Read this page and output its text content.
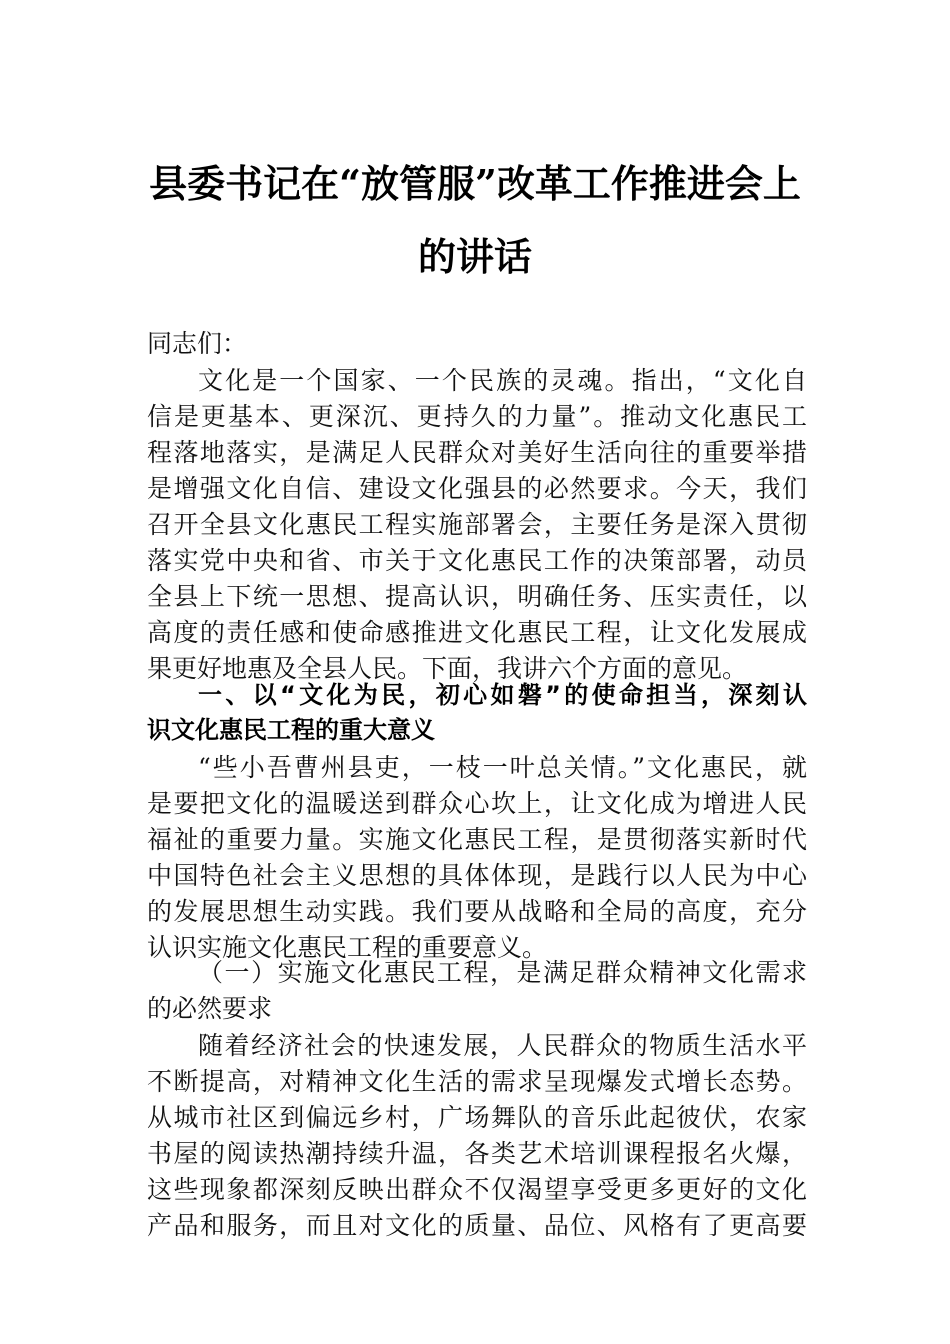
县委书记在“放管服”改革工作推进会上
的讲话
同志们：
文化是一个国家、一个民族的灵魂。指出，“文化自
信是更基本、更深沉、更持久的力量”。推动文化惠民工
程落地落实，是满足人民群众对美好生活向往的重要举措
是增强文化自信、建设文化强县的必然要求。今天，我们
召开全县文化惠民工程实施部署会，主要任务是深入贯彻
落实党中央和省、市关于文化惠民工作的决策部署，动员
全县上下统一思想、提高认识，明确任务、压实责任，以
高度的责任感和使命感推进文化惠民工程，让文化发展成
果更好地惠及全县人民。下面，我讲六个方面的意见。
一、以“文化为民，初心如磐”的使命担当，深刻认
识文化惠民工程的重大意义
“些小吾曹州县吏，一枝一叶总关情。”文化惠民，就
是要把文化的温暖送到群众心坎上，让文化成为增进人民
福祉的重要力量。实施文化惠民工程，是贯彻落实新时代
中国特色社会主义思想的具体体现，是践行以人民为中心
的发展思想生动实践。我们要从战略和全局的高度，充分
认识实施文化惠民工程的重要意义。
（一）实施文化惠民工程，是满足群众精神文化需求
的必然要求
随着经济社会的快速发展，人民群众的物质生活水平
不断提高，对精神文化生活的需求呈现爆发式增长态势。
从城市社区到偏远乡村，广场舞队的音乐此起彼伏，农家
书屋的阅读热潮持续升温，各类艺术培训课程报名火爆，
这些现象都深刻反映出群众不仅渴望享受更多更好的文化
产品和服务，而且对文化的质量、品位、风格有了更高要
